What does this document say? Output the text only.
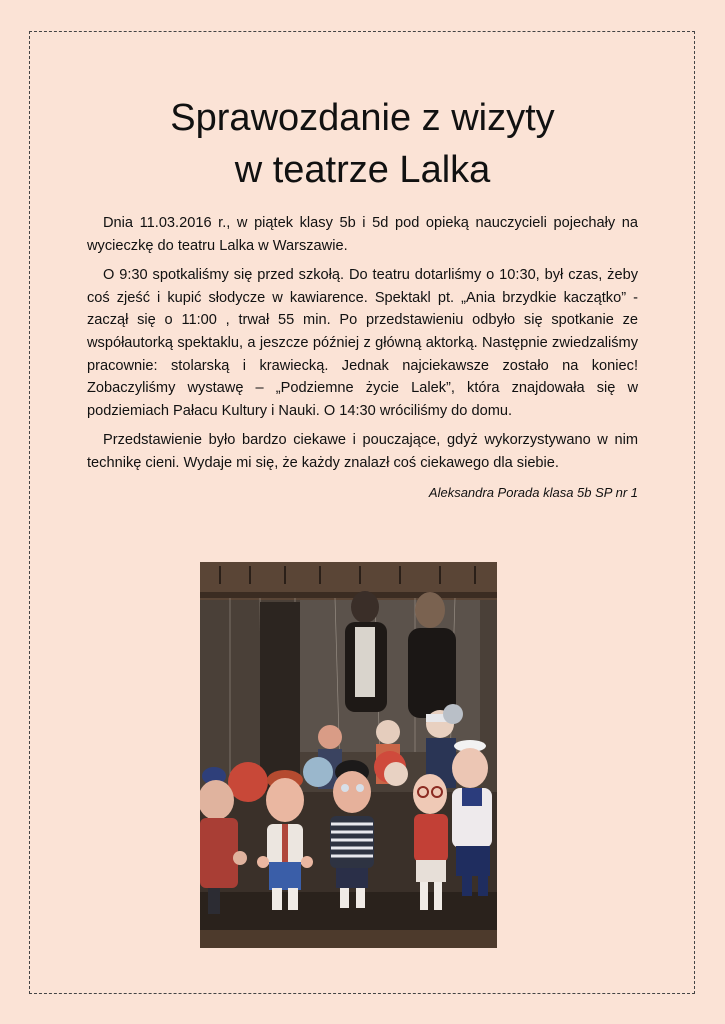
Sprawozdanie z wizyty
w teatrze Lalka

Dnia 11.03.2016 r., w piątek klasy 5b i 5d pod opieką nauczycieli pojechały na wycieczkę do teatru Lalka w Warszawie.

O 9:30 spotkaliśmy się przed szkołą. Do teatru dotarliśmy o 10:30, był czas, żeby coś zjeść i kupić słodycze w kawiarence. Spektakl pt. „Ania brzydkie kaczątko” - zaczął się o 11:00 , trwał 55 min. Po przedstawieniu odbyło się spotkanie ze współautorką spektaklu, a jeszcze później z główną aktorką. Następnie zwiedzaliśmy pracownie: stolarską i krawiecką. Jednak najciekawsze zostało na koniec! Zobaczyliśmy wystawę – „Podziemne życie Lalek”, która znajdowała się w podziemiach Pałacu Kultury i Nauki. O 14:30 wróciliśmy do domu.

Przedstawienie było bardzo ciekawe i pouczające, gdyż wykorzystywano w nim technikę cieni. Wydaje mi się, że każdy znalazł coś ciekawego dla siebie.

Aleksandra Porada klasa 5b SP nr 1
